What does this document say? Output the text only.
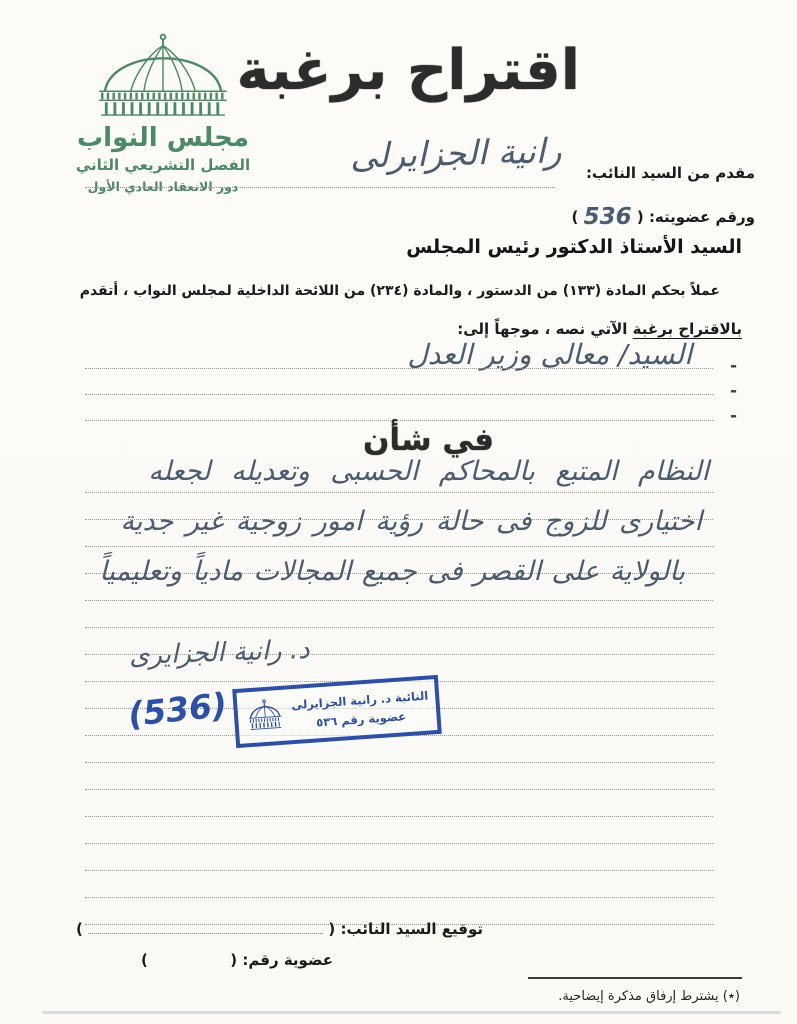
مجلس النواب
الفصل التشريعي الثاني
دور الانعقاد العادي الأول
اقتراح برغبة

مقدم من السيد النائب:

رانية الجزايرلى

ورقم عضويته: ( 536 )

السيد الأستاذ الدكتور رئيس المجلس

عملاً بحكم المادة (١٣٣) من الدستور ، والمادة (٢٣٤) من اللائحة الداخلية لمجلس النواب ، أتقدم

بالاقتراح برغبة الآتي نصه ، موجهاً إلى:

السيد/ معالى وزير العدل -
-
-
في شأن
النظام المتبع بالمحاكم الحسبى وتعديله لجعله
اختيارى للزوج فى حالة رؤية امور زوجية غير جدية
بالولاية على القصر فى جميع المجالات مادياً وتعليمياً
د. رانية الجزايرى
(536)	النائبة د. رانية الجزايرلى
عضوية رقم ٥٣٦

توقيع السيد النائب: (  )

عضوية رقم: (  )

(٭) يشترط إرفاق مذكرة إيضاحية.
